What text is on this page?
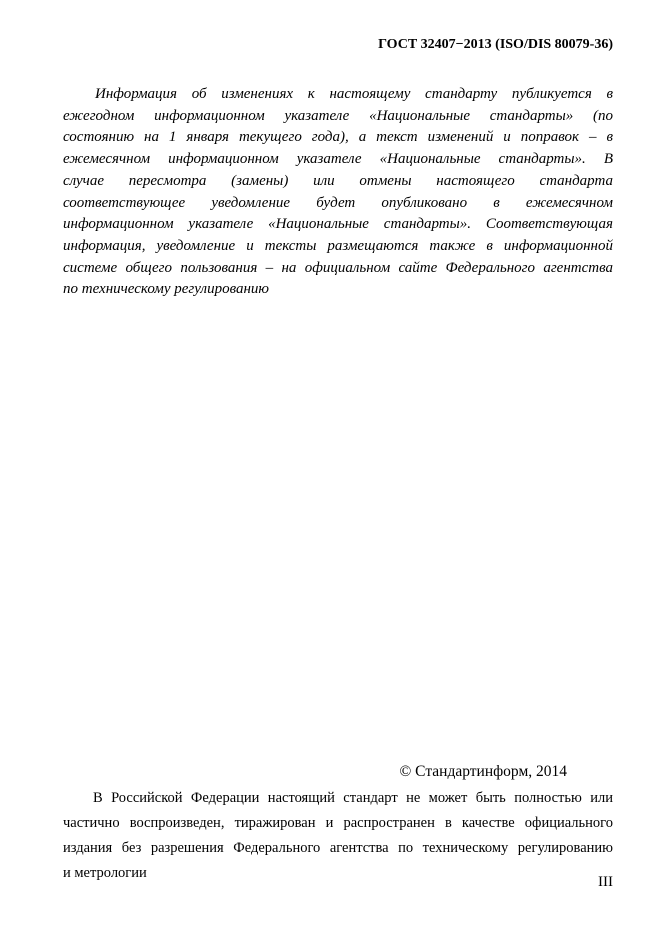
ГОСТ 32407−2013 (ISO/DIS 80079-36)
Информация об изменениях к настоящему стандарту публикуется в
ежегодном информационном указателе «Национальные стандарты» (по
состоянию на 1 января текущего года), а текст изменений и поправок – в
ежемесячном информационном указателе «Национальные стандарты». В
случае пересмотра (замены) или отмены настоящего стандарта
соответствующее уведомление будет опубликовано в ежемесячном
информационном указателе «Национальные стандарты». Соответствующая
информация, уведомление и тексты размещаются также в информационной
системе общего пользования – на официальном сайте Федерального агентства
по техническому регулированию
© Стандартинформ, 2014
В Российской Федерации настоящий стандарт не может быть полностью или
частично воспроизведен, тиражирован и распространен в качестве официального
издания без разрешения Федерального агентства по техническому регулированию
и метрологии
III
